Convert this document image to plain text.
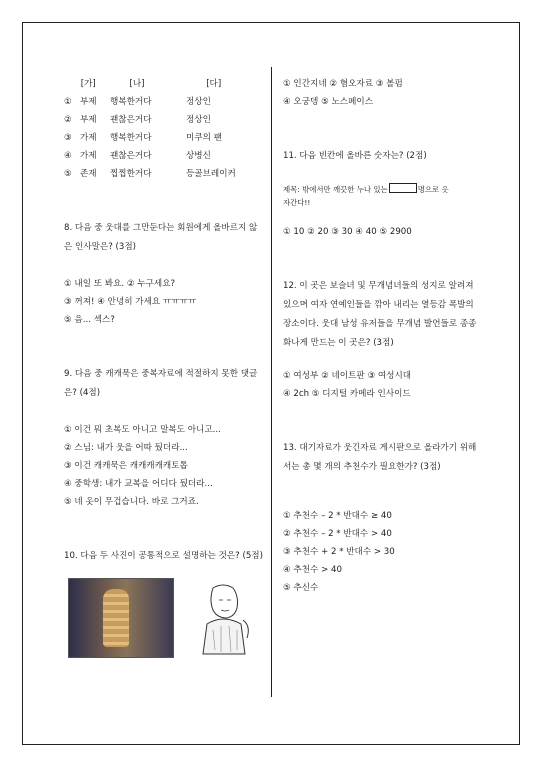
[가]	[나]	[다]
① 부제 행복한거다	정상인
② 부제 괜찮은거다	정상인
③ 가제 행복한거다	미쿠의 팬
④ 가제 괜찮은거다	상병신
⑤ 존재 찝찝한거다	등골브레이커
8. 다음 중 웃대를 그만둔다는 회원에게 올바르지 않은 인사말은? (3점)
① 내일 또 봐요. ② 누구세요?
③ 꺼져! ④ 안녕히 가세요 ㅠㅠㅠㅠ
⑤ 음... 섹스?
9. 다음 중 캐캐묵은 중복자료에 적절하지 못한 댓글은? (4점)
① 이건 뭐 초복도 아니고 말복도 아니고...
② 스님: 내가 웃을 어따 뒀더라...
③ 이건 캐캐묵은 캐캐캐캐캐토톱
④ 중학생: 내가 교복을 어디다 뒀더라...
⑤ 네 옷이 무겁습니다. 바로 그거죠.
10. 다음 두 사진이 공통적으로 설명하는 것은? (5점)
① 인간지네 ② 혐오자료 ③ 볼펌
④ 오궁뎅 ⑤ 노스페이스
11. 다음 빈칸에 올바른 숫자는? (2점)
제목: 밖에서만 깨끗한 누나 있는	명으로 옷
자간다!!
① 10 ② 20 ③ 30 ④ 40 ⑤ 2900
12. 이 곳은 보슬녀 및 무개념녀들의 성지로 알려져 있으며 여자 연예인들을 깎아 내리는 열등감 폭발의 장소이다. 웃대 남성 유저들을 무개념 발언들로 종종 화나게 만드는 이 곳은? (3점)
① 여성부 ② 네이트판 ③ 여성시대
④ 2ch ⑤ 디지털 카메라 인사이드
13. 대기자료가 웃긴자료 게시판으로 올라가기 위해서는 총 몇 개의 추천수가 필요한가? (3점)
① 추천수 – 2 * 반대수 ≥ 40
② 추천수 – 2 * 반대수 > 40
③ 추천수 + 2 * 반대수 > 30
④ 추천수 > 40
⑤ 추신수
